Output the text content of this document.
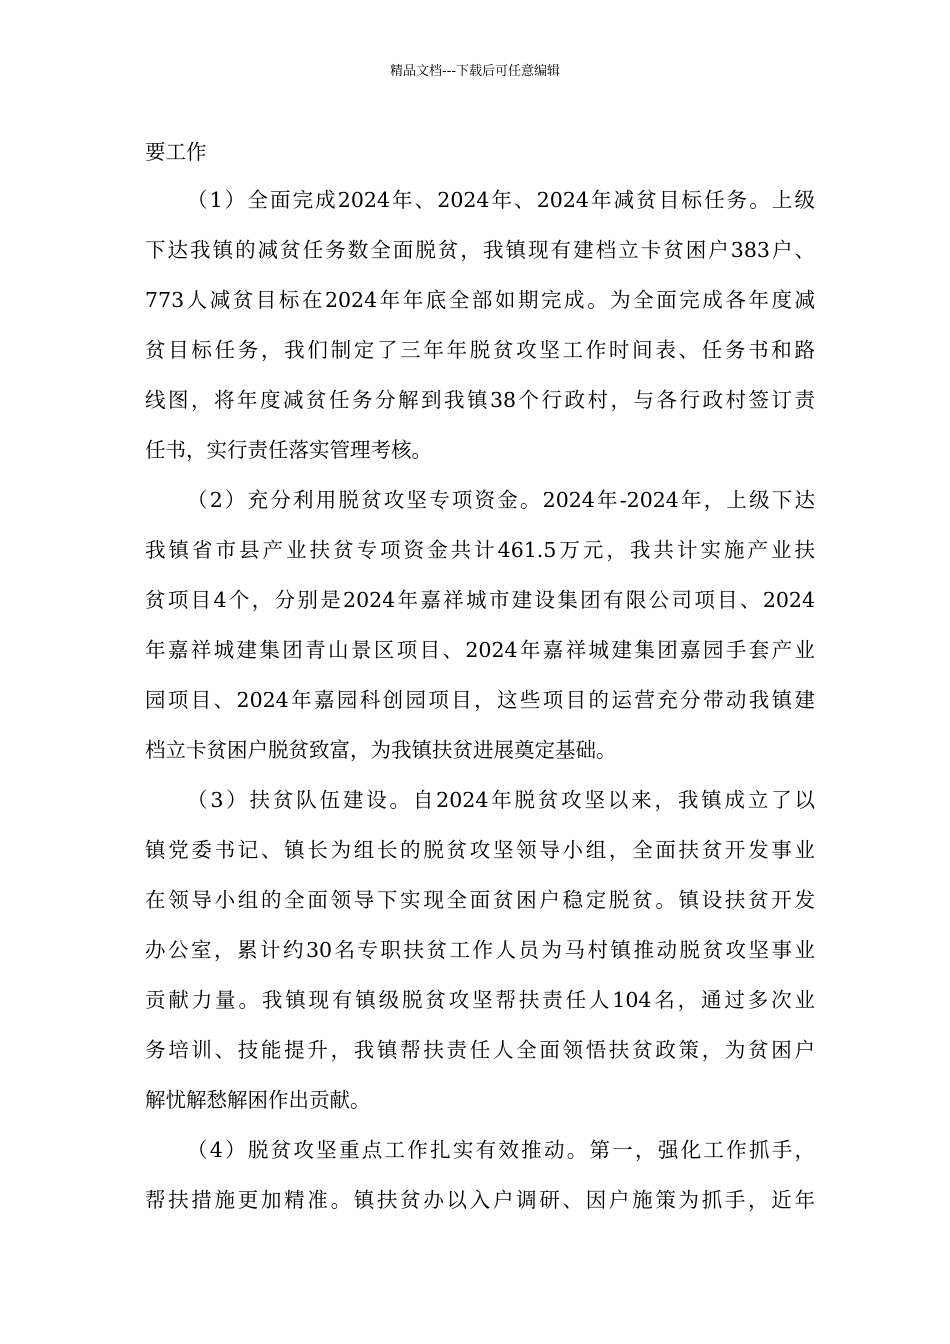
精品文档---下载后可任意编辑
要工作
（1）全面完成2024年、2024年、2024年减贫目标任务。上级
下达我镇的减贫任务数全面脱贫，我镇现有建档立卡贫困户383户、
773人减贫目标在2024年年底全部如期完成。为全面完成各年度减
贫目标任务，我们制定了三年年脱贫攻坚工作时间表、任务书和路
线图，将年度减贫任务分解到我镇38个行政村，与各行政村签订责
任书，实行责任落实管理考核。
（2）充分利用脱贫攻坚专项资金。2024年-2024年，上级下达
我镇省市县产业扶贫专项资金共计461.5万元，我共计实施产业扶
贫项目4个，分别是2024年嘉祥城市建设集团有限公司项目、2024
年嘉祥城建集团青山景区项目、2024年嘉祥城建集团嘉园手套产业
园项目、2024年嘉园科创园项目，这些项目的运营充分带动我镇建
档立卡贫困户脱贫致富，为我镇扶贫进展奠定基础。
（3）扶贫队伍建设。自2024年脱贫攻坚以来，我镇成立了以
镇党委书记、镇长为组长的脱贫攻坚领导小组，全面扶贫开发事业
在领导小组的全面领导下实现全面贫困户稳定脱贫。镇设扶贫开发
办公室，累计约30名专职扶贫工作人员为马村镇推动脱贫攻坚事业
贡献力量。我镇现有镇级脱贫攻坚帮扶责任人104名，通过多次业
务培训、技能提升，我镇帮扶责任人全面领悟扶贫政策，为贫困户
解忧解愁解困作出贡献。
（4）脱贫攻坚重点工作扎实有效推动。第一，强化工作抓手，
帮扶措施更加精准。镇扶贫办以入户调研、因户施策为抓手，近年
